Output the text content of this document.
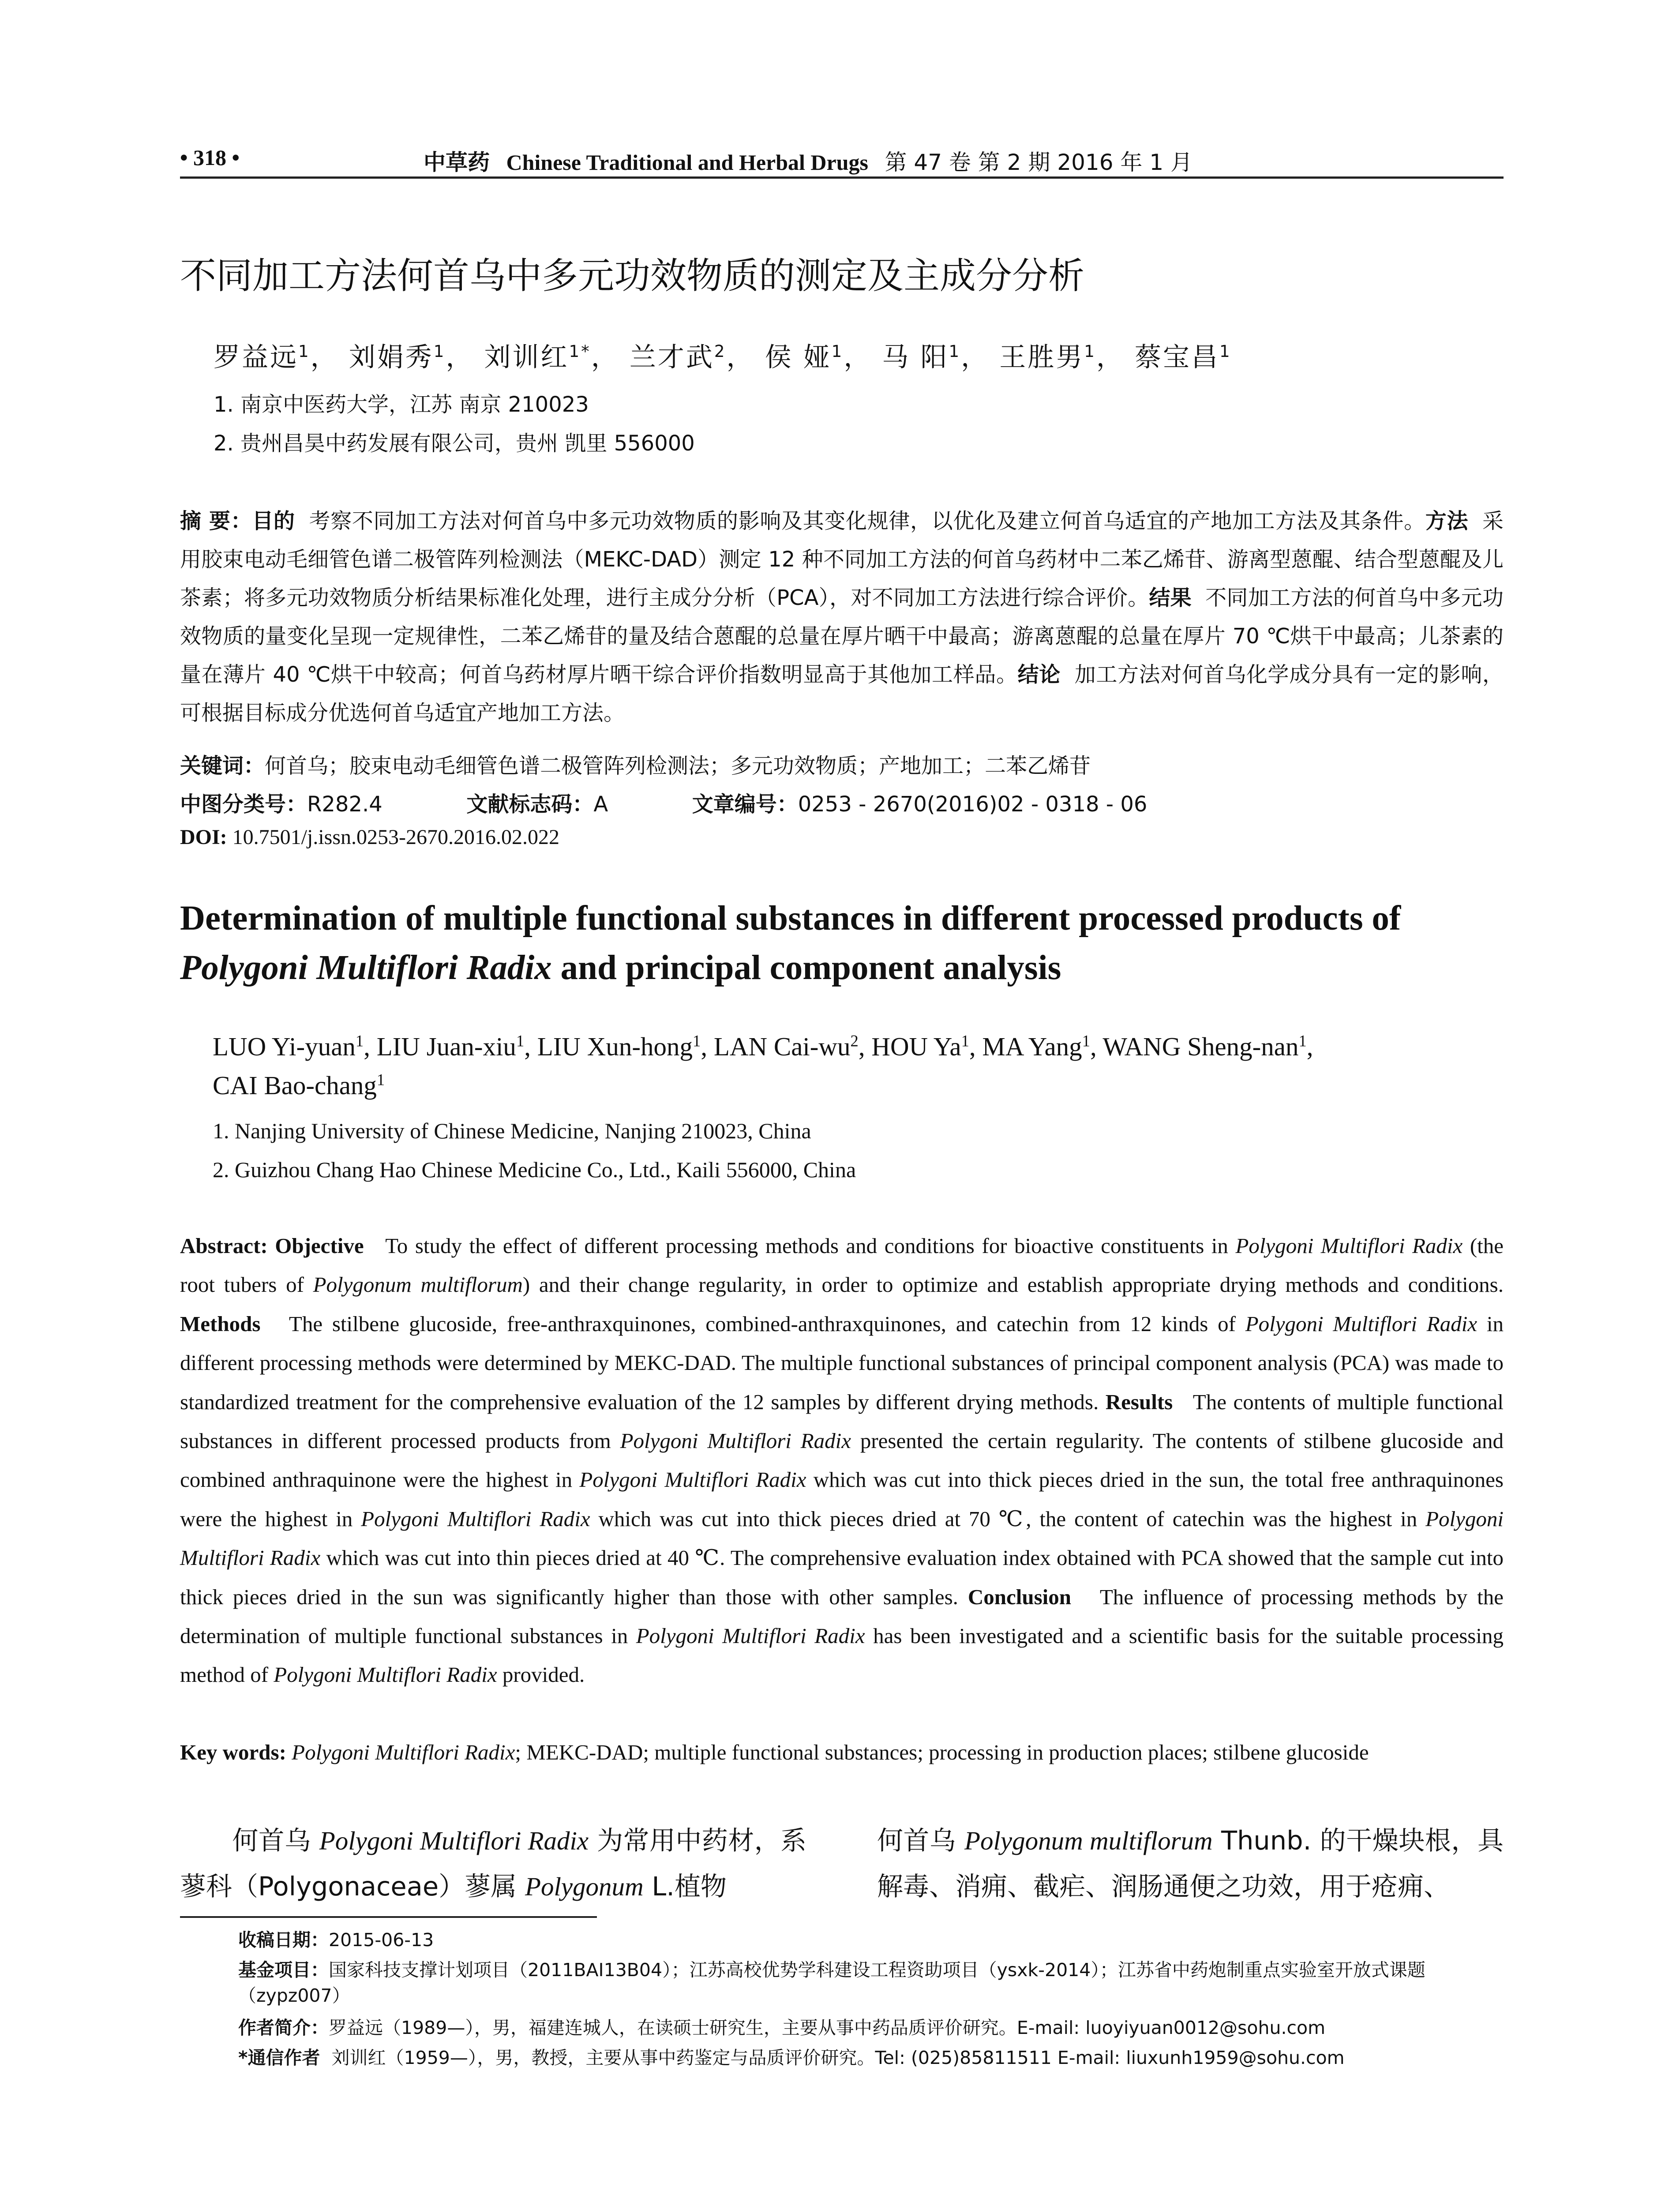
• 318 •	中草药 Chinese Traditional and Herbal Drugs 第 47 卷 第 2 期 2016 年 1 月
不同加工方法何首乌中多元功效物质的测定及主成分分析
罗益远$^1$， 刘娟秀$^1$， 刘训红$^{1*}$， 兰才武$^2$， 侯 娅$^1$， 马 阳$^1$， 王胜男$^1$， 蔡宝昌$^1$
1. 南京中医药大学，江苏 南京 210023
2. 贵州昌昊中药发展有限公司，贵州 凯里 556000
摘 要：目的 考察不同加工方法对何首乌中多元功效物质的影响及其变化规律，以优化及建立何首乌适宜的产地加工方法及其条件。方法 采用胶束电动毛细管色谱二极管阵列检测法（MEKC-DAD）测定 12 种不同加工方法的何首乌药材中二苯乙烯苷、游离型蒽醌、结合型蒽醌及儿茶素；将多元功效物质分析结果标准化处理，进行主成分分析（PCA），对不同加工方法进行综合评价。结果 不同加工方法的何首乌中多元功效物质的量变化呈现一定规律性，二苯乙烯苷的量及结合蒽醌的总量在厚片晒干中最高；游离蒽醌的总量在厚片 70 ℃烘干中最高；儿茶素的量在薄片 40 ℃烘干中较高；何首乌药材厚片晒干综合评价指数明显高于其他加工样品。结论 加工方法对何首乌化学成分具有一定的影响，可根据目标成分优选何首乌适宜产地加工方法。
关键词：何首乌；胶束电动毛细管色谱二极管阵列检测法；多元功效物质；产地加工；二苯乙烯苷
中图分类号：R282.4	文献标志码：A	文章编号：0253 - 2670(2016)02 - 0318 - 06
DOI: 10.7501/j.issn.0253-2670.2016.02.022
Determination of multiple functional substances in different processed products of
Polygoni Multiflori Radix and principal component analysis
LUO Yi-yuan$^1$, LIU Juan-xiu$^1$, LIU Xun-hong$^1$, LAN Cai-$wu^2$, HOU Ya$^1$, MA Yang$^1$, WANG Sheng-nan$^1$,
CAI Bao-chang$^1$
1. Nanjing University of Chinese Medicine, Nanjing 210023, China
2. Guizhou Chang Hao Chinese Medicine Co., Ltd., Kaili 556000, China
Abstract: Objective To study the effect of different processing methods and conditions for bioactive constituents in Polygoni Multiflori Radix (the root tubers of Polygonum multiflorum) and their change regularity, in order to optimize and establish appropriate drying methods and conditions. Methods The stilbene glucoside, free-anthraxquinones, combined-anthraxquinones, and catechin from 12 kinds of Polygoni Multiflori Radix in different processing methods were determined by MEKC-DAD. The multiple functional substances of principal component analysis (PCA) was made to standardized treatment for the comprehensive evaluation of the 12 samples by different drying methods. Results The contents of multiple functional substances in different processed products from Polygoni Multiflori Radix presented the certain regularity. The contents of stilbene glucoside and combined anthraquinone were the highest in Polygoni Multiflori Radix which was cut into thick pieces dried in the sun, the total free anthraquinones were the highest in Polygoni Multiflori Radix which was cut into thick pieces dried at 70 ℃, the content of catechin was the highest in Polygoni Multiflori Radix which was cut into thin pieces dried at 40 ℃. The comprehensive evaluation index obtained with PCA showed that the sample cut into thick pieces dried in the sun was significantly higher than those with other samples. Conclusion The influence of processing methods by the determination of multiple functional substances in Polygoni Multiflori Radix has been investigated and a scientific basis for the suitable processing method of Polygoni Multiflori Radix provided.
Key words: Polygoni Multiflori Radix; MEKC-DAD; multiple functional substances; processing in production places; stilbene glucoside
  何首乌 Polygoni Multiflori Radix 为常用中药材，系蓼科（Polygonaceae）蓼属 Polygonum L.植物
何首乌 Polygonum multiflorum Thunb. 的干燥块根，具解毒、消痈、截疟、润肠通便之功效，用于疮痈、
收稿日期：2015-06-13
基金项目：国家科技支撑计划项目（2011BAI13B04）；江苏高校优势学科建设工程资助项目（ysxk-2014）；江苏省中药炮制重点实验室开放式课题（zypz007）
作者简介：罗益远（1989—），男，福建连城人，在读硕士研究生，主要从事中药品质评价研究。E-mail: luoyiyuan0012@sohu.com
*通信作者 刘训红（1959—），男，教授，主要从事中药鉴定与品质评价研究。Tel: (025)85811511 E-mail: liuxunh1959@sohu.com
